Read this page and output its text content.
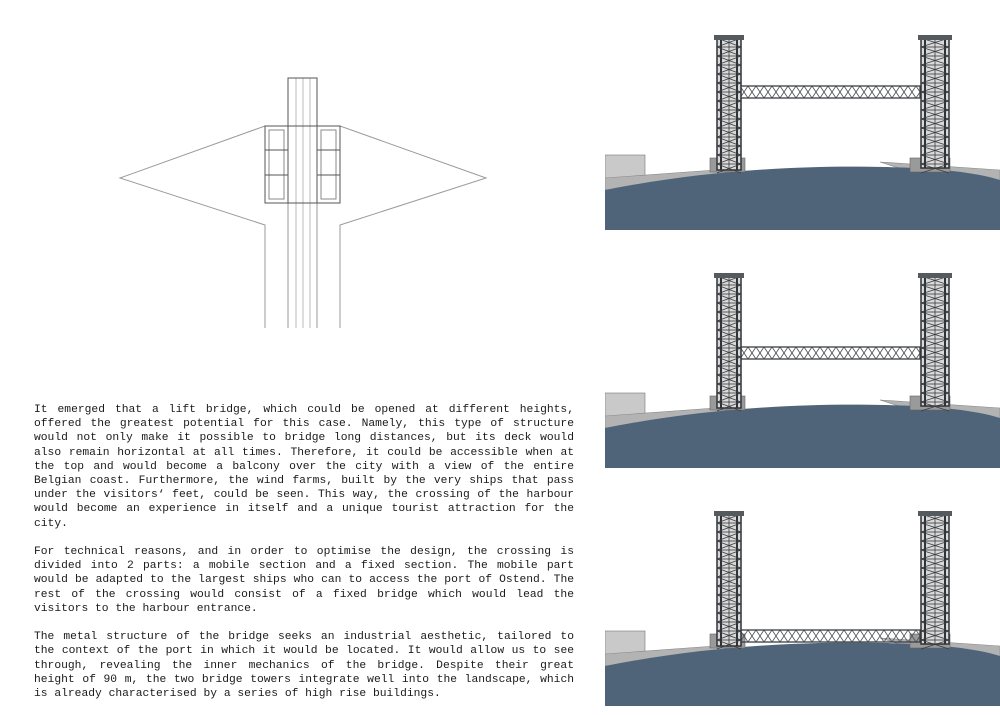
It emerged that a lift bridge, which could be opened at different heights, offered the greatest potential for this case. Namely, this type of structure would not only make it possible to bridge long distances, but its deck would also remain horizontal at all times. Therefore, it could be accessible when at the top and would become a balcony over the city with a view of the entire Belgian coast. Furthermore, the wind farms, built by the very ships that pass under the visitors‘ feet, could be seen. This way, the crossing of the harbour would become an experience in itself and a unique tourist attraction for the city.

For technical reasons, and in order to optimise the design, the crossing is divided into 2 parts: a mobile section and a fixed section. The mobile part would be adapted to the largest ships who can to access the port of Ostend. The rest of the crossing would consist of a fixed bridge which would lead the visitors to the harbour entrance.

The metal structure of the bridge seeks an industrial aesthetic, tailored to the context of the port in which it would be located. It would allow us to see through, revealing the inner mechanics of the bridge. Despite their great height of 90 m, the two bridge towers integrate well into the landscape, which is already characterised by a series of high rise buildings.
